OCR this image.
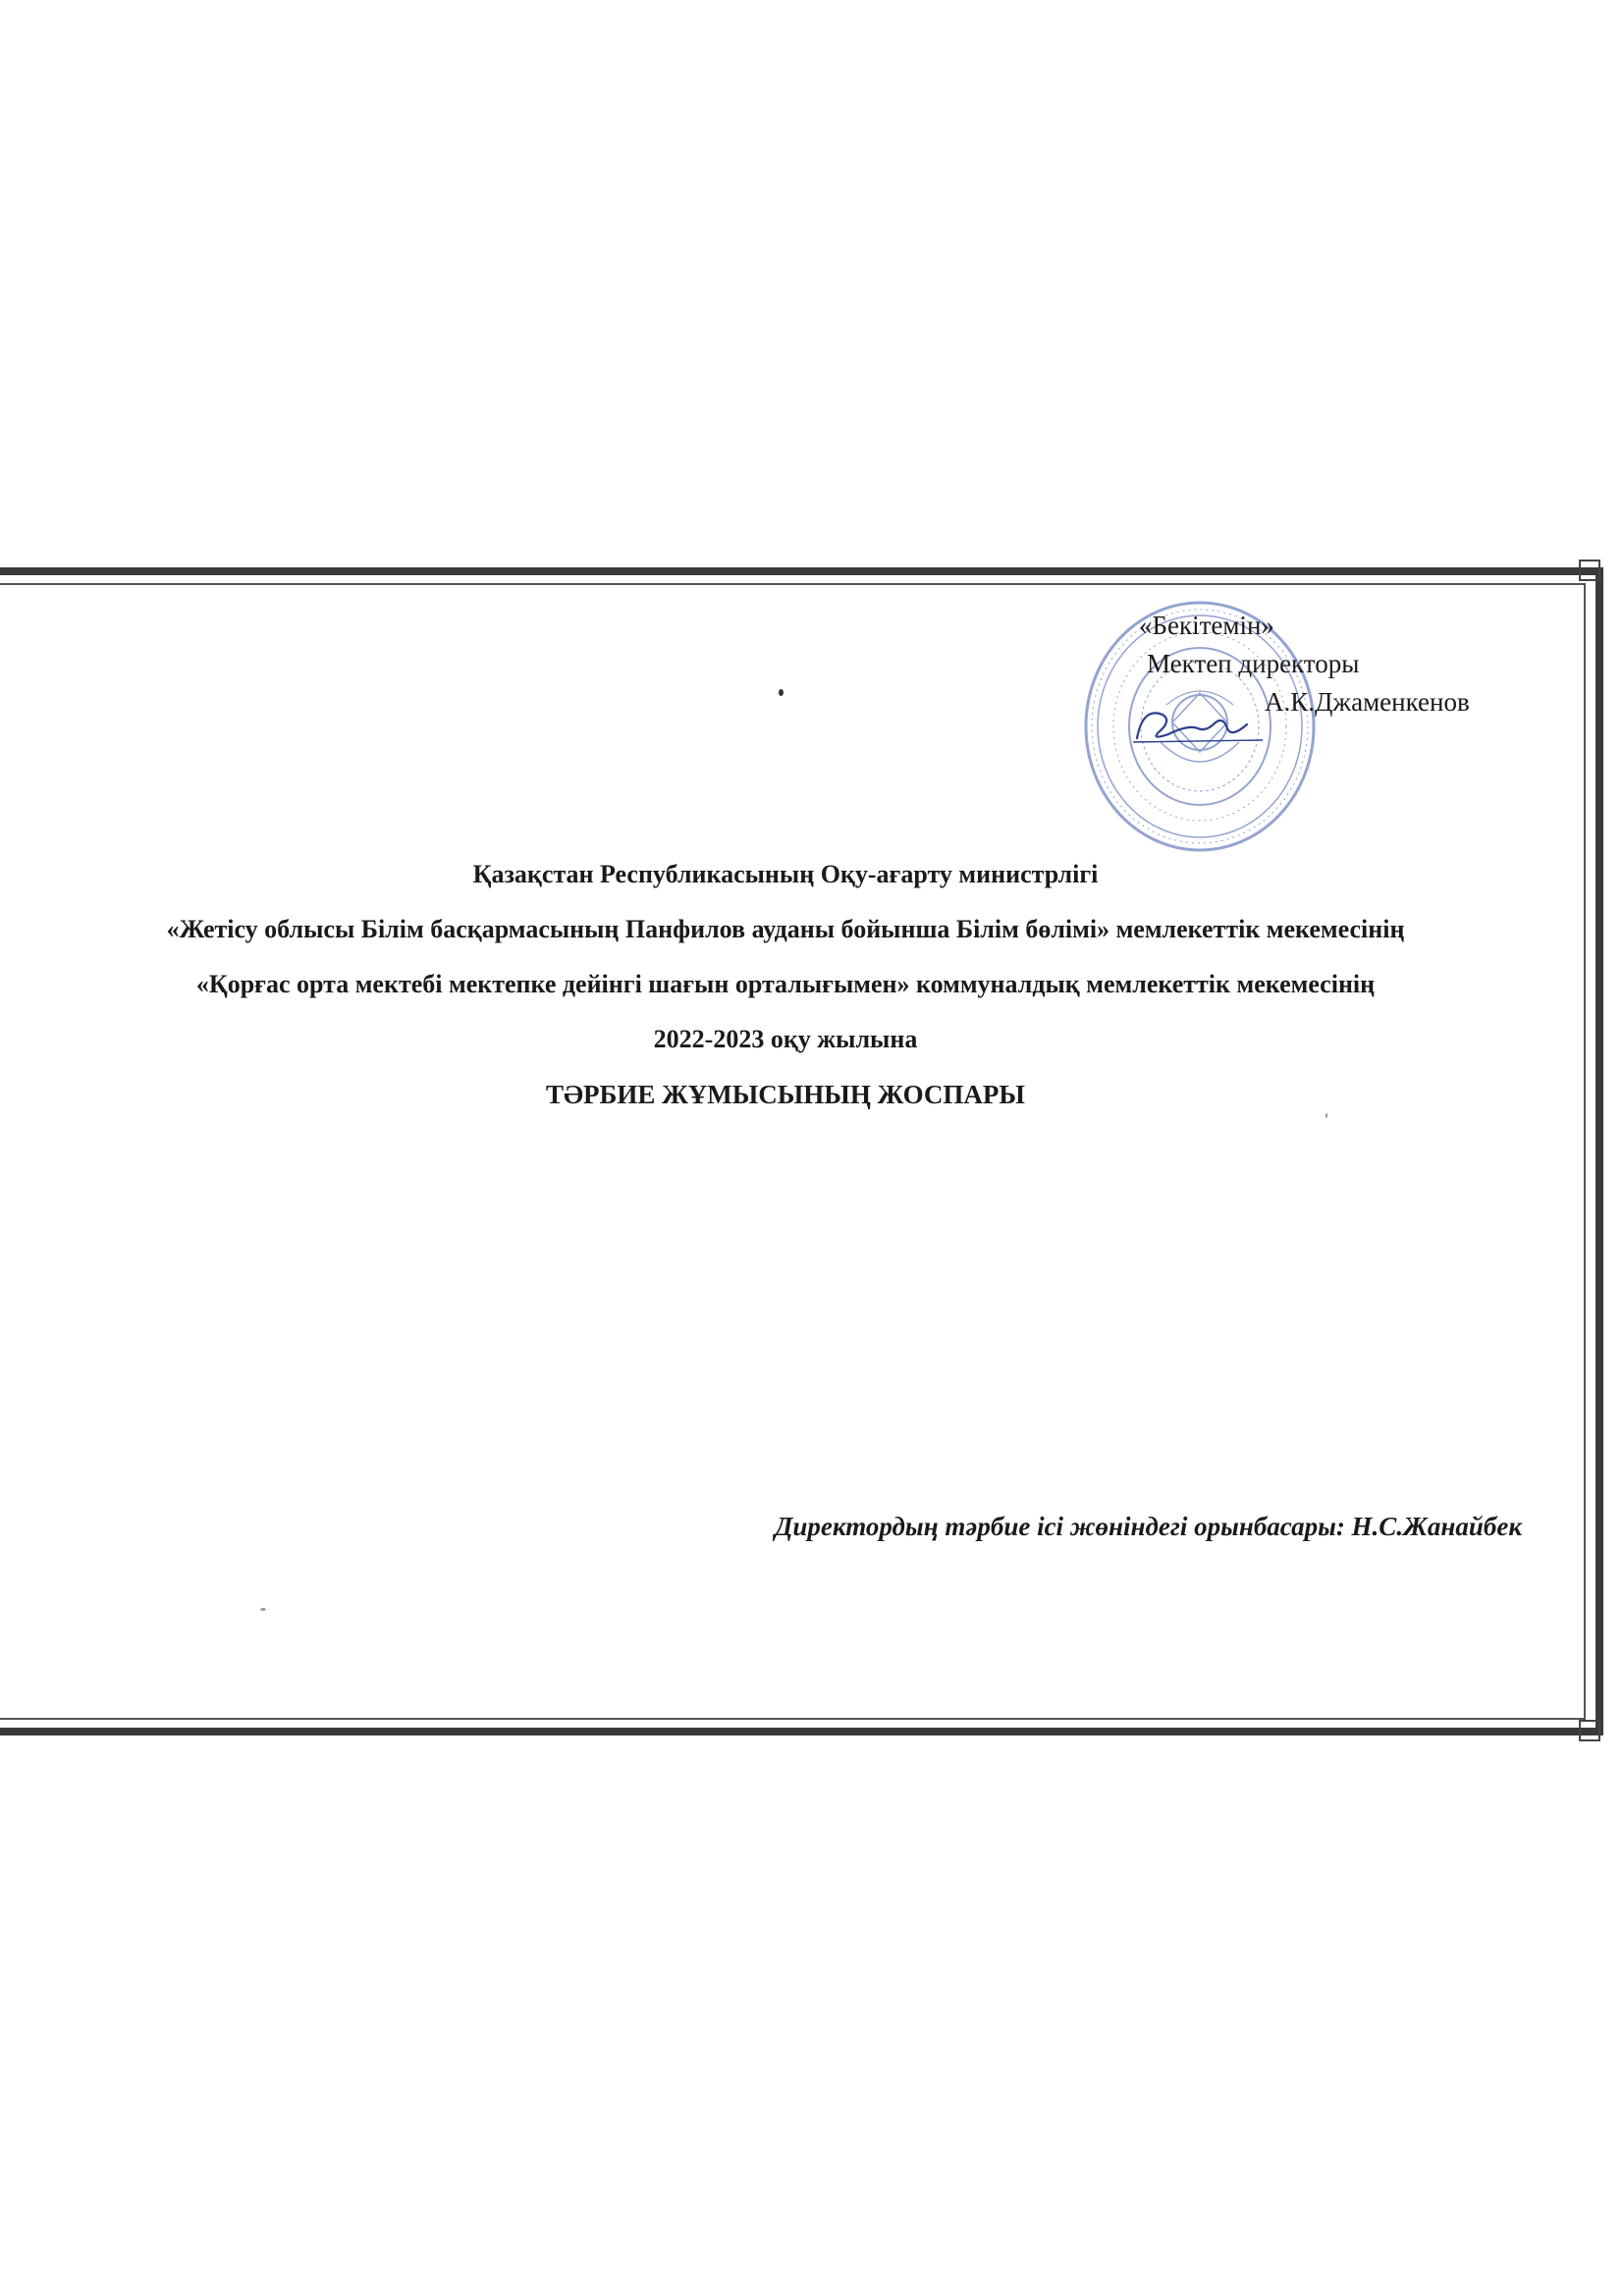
«Бекітемін»
Мектеп директоры
А.К.Джаменкенов

Қазақстан Республикасының Оқу-ағарту министрлігі

«Жетісу облысы Білім басқармасының Панфилов ауданы бойынша Білім бөлімі» мемлекеттік мекемесінің

«Қорғас орта мектебі мектепке дейінгі шағын орталығымен» коммуналдық мемлекеттік мекемесінің

2022-2023 оқу жылына

ТӘРБИЕ ЖҰМЫСЫНЫҢ ЖОСПАРЫ

Директордың тәрбие ісі жөніндегі орынбасары: Н.С.Жанайбек
